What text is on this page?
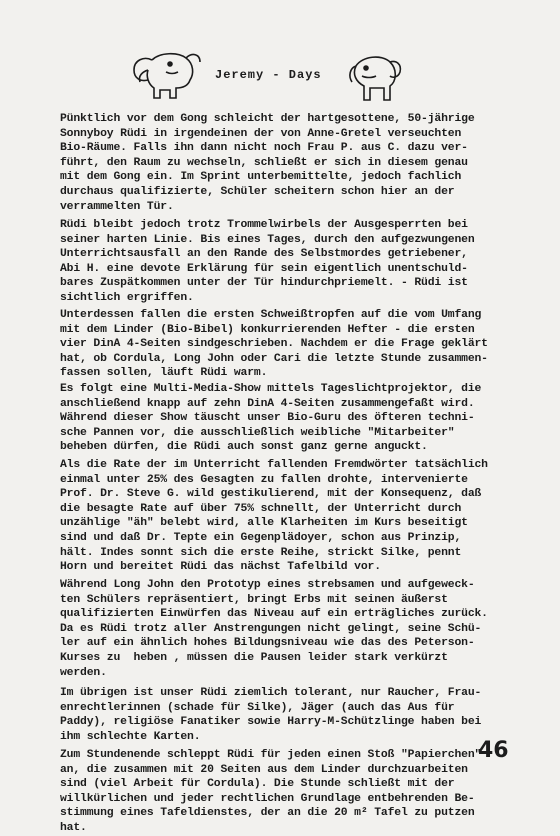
Jeremy - Days
Pünktlich vor dem Gong schleicht der hartgesottene, 50-jährige
Sonnyboy Rüdi in irgendeinen der von Anne-Gretel verseuchten
Bio-Räume. Falls ihn dann nicht noch Frau P. aus C. dazu ver-
führt, den Raum zu wechseln, schließt er sich in diesem genau
mit dem Gong ein. Im Sprint unterbemittelte, jedoch fachlich
durchaus qualifizierte, Schüler scheitern schon hier an der
verrammelten Tür.
Rüdi bleibt jedoch trotz Trommelwirbels der Ausgesperrten bei
seiner harten Linie. Bis eines Tages, durch den aufgezwungenen
Unterrichtsausfall an den Rande des Selbstmordes getriebener,
Abi H. eine devote Erklärung für sein eigentlich unentschuld-
bares Zuspätkommen unter der Tür hindurchpriemelt. - Rüdi ist
sichtlich ergriffen.
Unterdessen fallen die ersten Schweißtropfen auf die vom Umfang
mit dem Linder (Bio-Bibel) konkurrierenden Hefter - die ersten
vier DinA 4-Seiten sindgeschrieben. Nachdem er die Frage geklärt
hat, ob Cordula, Long John oder Cari die letzte Stunde zusammen-
fassen sollen, läuft Rüdi warm.
Es folgt eine Multi-Media-Show mittels Tageslichtprojektor, die
anschließend knapp auf zehn DinA 4-Seiten zusammengefaßt wird.
Während dieser Show täuscht unser Bio-Guru des öfteren techni-
sche Pannen vor, die ausschließlich weibliche "Mitarbeiter"
beheben dürfen, die Rüdi auch sonst ganz gerne anguckt.
Als die Rate der im Unterricht fallenden Fremdwörter tatsächlich
einmal unter 25% des Gesagten zu fallen drohte, intervenierte
Prof. Dr. Steve G. wild gestikulierend, mit der Konsequenz, daß
die besagte Rate auf über 75% schnellt, der Unterricht durch
unzählige "äh" belebt wird, alle Klarheiten im Kurs beseitigt
sind und daß Dr. Tepte ein Gegenplädoyer, schon aus Prinzip,
hält. Indes sonnt sich die erste Reihe, strickt Silke, pennt
Horn und bereitet Rüdi das nächst Tafelbild vor.
Während Long John den Prototyp eines strebsamen und aufgeweck-
ten Schülers repräsentiert, bringt Erbs mit seinen äußerst
qualifizierten Einwürfen das Niveau auf ein erträgliches zurück.
Da es Rüdi trotz aller Anstrengungen nicht gelingt, seine Schü-
ler auf ein ähnlich hohes Bildungsniveau wie das des Peterson-
Kurses zu  heben , müssen die Pausen leider stark verkürzt
werden.
Im übrigen ist unser Rüdi ziemlich tolerant, nur Raucher, Frau-
enrechtlerinnen (schade für Silke), Jäger (auch das Aus für
Paddy), religiöse Fanatiker sowie Harry-M-Schützlinge haben bei
ihm schlechte Karten.
Zum Stundenende schleppt Rüdi für jeden einen Stoß "Papierchen"
an, die zusammen mit 20 Seiten aus dem Linder durchzuarbeiten
sind (viel Arbeit für Cordula). Die Stunde schließt mit der
willkürlichen und jeder rechtlichen Grundlage entbehrenden Be-
stimmung eines Tafeldienstes, der an die 20 m² Tafel zu putzen
hat.
46
